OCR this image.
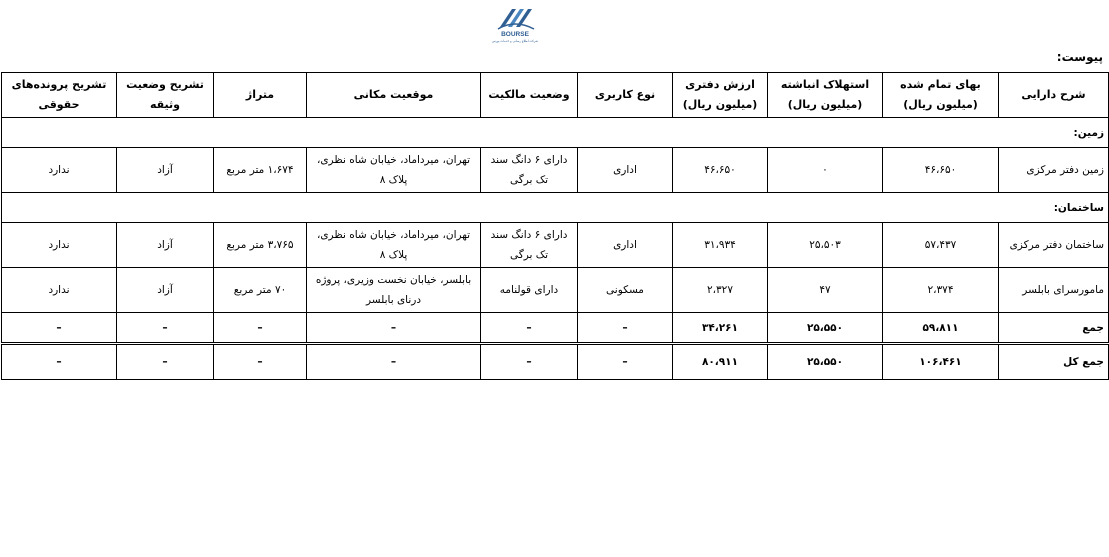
BOURSE
شرکت اطلاع رسانی و خدمات بورس
پیوست:
شرح دارایی	بهای تمام شده (میلیون ریال)	استهلاک انباشته (میلیون ریال)	ارزش دفتری (میلیون ریال)	نوع کاربری	وضعیت مالکیت	موقعیت مکانی	متراژ	تشریح وضعیت وثیقه	تشریح پرونده‌های حقوقی
زمین:									
زمین دفتر مرکزی	۴۶،۶۵۰	۰	۴۶،۶۵۰	اداری	دارای ۶ دانگ سند تک برگی	تهران، میرداماد، خیابان شاه نظری، پلاک ۸	۱،۶۷۴ متر مربع	آزاد	ندارد
ساختمان:									
ساختمان دفتر مرکزی	۵۷،۴۳۷	۲۵،۵۰۳	۳۱،۹۳۴	اداری	دارای ۶ دانگ سند تک برگی	تهران، میرداماد، خیابان شاه نظری، پلاک ۸	۳،۷۶۵ متر مربع	آزاد	ندارد
مامورسرای بابلسر	۲،۳۷۴	۴۷	۲،۳۲۷	مسکونی	دارای قولنامه	بابلسر، خیابان نخست وزیری، پروژه درنای بابلسر	۷۰ متر مربع	آزاد	ندارد
جمع	۵۹،۸۱۱	۲۵،۵۵۰	۳۴،۲۶۱	–	–	–	–	–	–
جمع کل	۱۰۶،۴۶۱	۲۵،۵۵۰	۸۰،۹۱۱	–	–	–	–	–	–
